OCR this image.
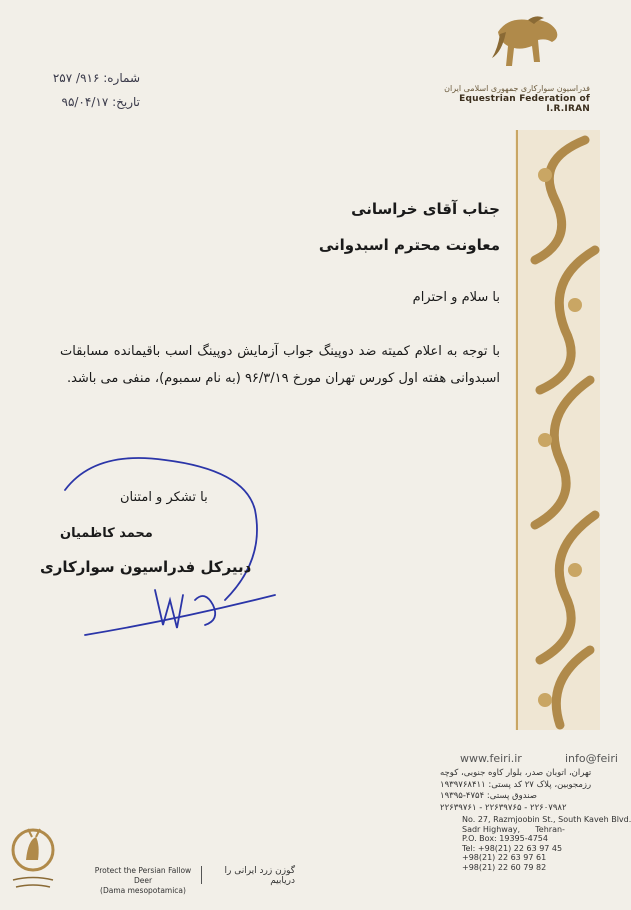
فدراسیون سوارکاری جمهوری اسلامی ایران
Equestrian Federation of I.R.IRAN
شماره: ۹۱۶/ ۲۵۷
تاریخ: ۹۵/۰۴/۱۷
جناب آقای خراسانی
معاونت محترم اسبدوانی
با سلام و احترام
با توجه به اعلام کمیته ضد دوپینگ جواب آزمایش دوپینگ اسب باقیمانده مسابقات اسبدوانی هفته اول کورس تهران مورخ ۹۶/۳/۱۹ (به نام سمبوم)، منفی می باشد.
با تشکر و امتنان
محمد کاظمیان
دبیرکل فدراسیون سوارکاری
www.feiri.ir	info@feiri
تهران، اتوبان صدر، بلوار کاوه جنوبی، کوچه
رزمجوبین، پلاک ۲۷ کد پستی: ۱۹۳۹۷۶۸۴۱۱
صندوق پستی: ۴۷۵۴-۱۹۳۹۵
۲۲۶۰۷۹۸۲ - ۲۲۶۳۹۷۶۵ - ۲۲۶۳۹۷۶۱
No. 27, Razmjoobin St., South Kaveh Blvd.
Sadr Highway, Tehran-
P.O. Box: 19395-4754
Tel: +98(21) 22 63 97 45
+98(21) 22 63 97 61
+98(21) 22 60 79 82
گوزن زرد ایرانی را دریابیم
Protect the Persian Fallow Deer
(Dama mesopotamica)
